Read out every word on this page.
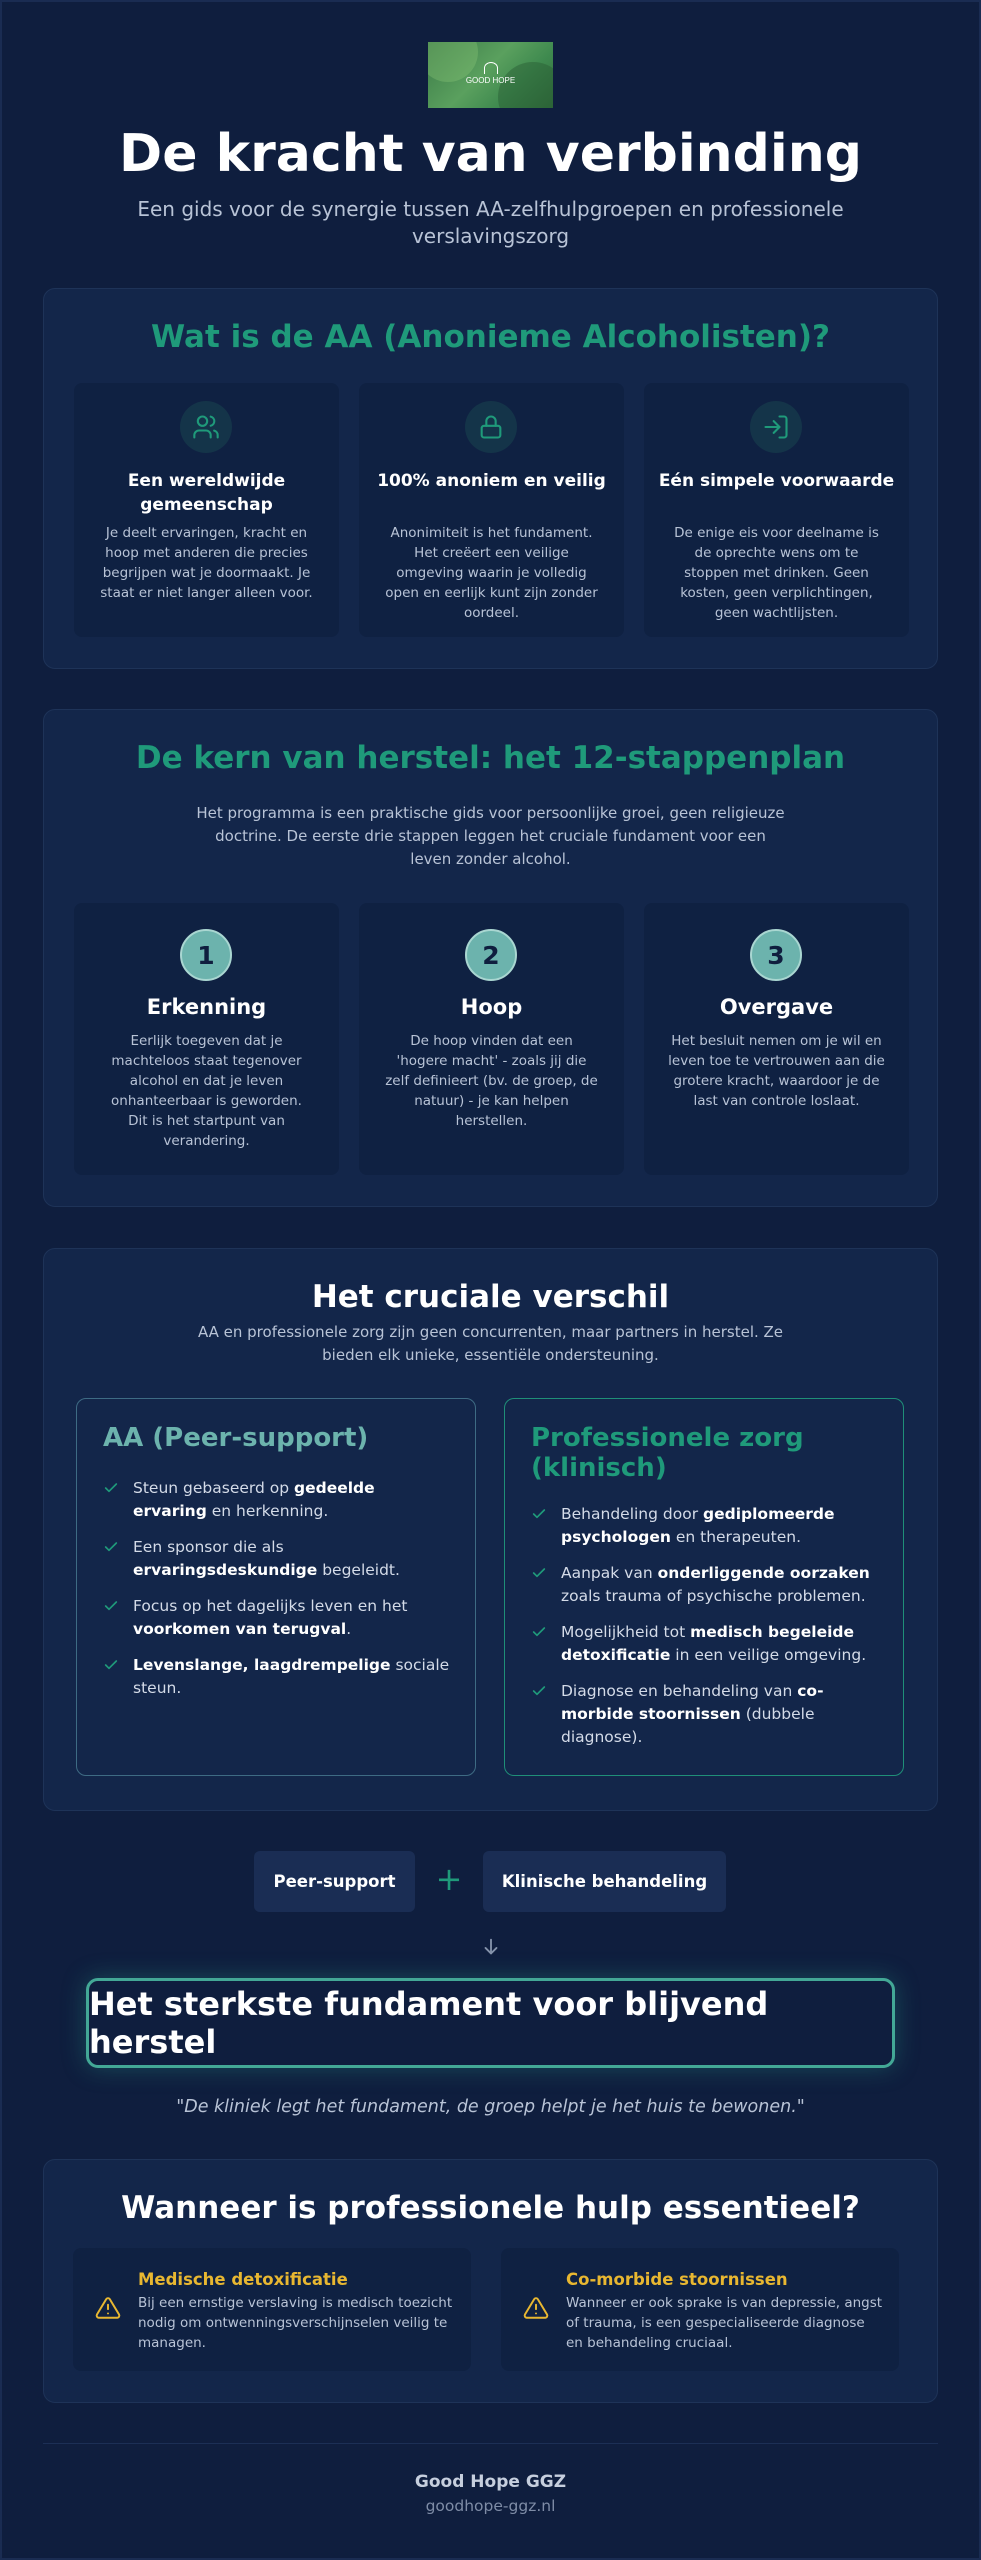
GOOD HOPE
De kracht van verbinding

Een gids voor de synergie tussen AA-zelfhulpgroepen en professionele verslavingszorg

Wat is de AA (Anonieme Alcoholisten)?
Een wereldwijde gemeenschap

Je deelt ervaringen, kracht en hoop met anderen die precies begrijpen wat je doormaakt. Je staat er niet langer alleen voor.

100% anoniem en veilig

Anonimiteit is het fundament. Het creëert een veilige omgeving waarin je volledig open en eerlijk kunt zijn zonder oordeel.

Eén simpele voorwaarde

De enige eis voor deelname is de oprechte wens om te stoppen met drinken. Geen kosten, geen verplichtingen, geen wachtlijsten.

De kern van herstel: het 12-stappenplan

Het programma is een praktische gids voor persoonlijke groei, geen religieuze doctrine. De eerste drie stappen leggen het cruciale fundament voor een leven zonder alcohol.

1
Erkenning

Eerlijk toegeven dat je machteloos staat tegenover alcohol en dat je leven onhanteerbaar is geworden. Dit is het startpunt van verandering.

2
Hoop

De hoop vinden dat een 'hogere macht' - zoals jij die zelf definieert (bv. de groep, de natuur) - je kan helpen herstellen.

3
Overgave

Het besluit nemen om je wil en leven toe te vertrouwen aan die grotere kracht, waardoor je de last van controle loslaat.

Het cruciale verschil

AA en professionele zorg zijn geen concurrenten, maar partners in herstel. Ze bieden elk unieke, essentiële ondersteuning.

AA (Peer-support)
Steun gebaseerd op gedeelde ervaring en herkenning.
Een sponsor die als ervaringsdeskundige begeleidt.
Focus op het dagelijks leven en het voorkomen van terugval.
Levenslange, laagdrempelige sociale steun.
Professionele zorg (klinisch)
Behandeling door gediplomeerde psychologen en therapeuten.
Aanpak van onderliggende oorzaken zoals trauma of psychische problemen.
Mogelijkheid tot medisch begeleide detoxificatie in een veilige omgeving.
Diagnose en behandeling van co-morbide stoornissen (dubbele diagnose).
Peer-support	+	Klinische behandeling
Het sterkste fundament voor blijvend herstel

"De kliniek legt het fundament, de groep helpt je het huis te bewonen."

Wanneer is professionele hulp essentieel?
Medische detoxificatie

Bij een ernstige verslaving is medisch toezicht nodig om ontwenningsverschijnselen veilig te managen.

Co-morbide stoornissen

Wanneer er ook sprake is van depressie, angst of trauma, is een gespecialiseerde diagnose en behandeling cruciaal.

Good Hope GGZ
goodhope-ggz.nl
